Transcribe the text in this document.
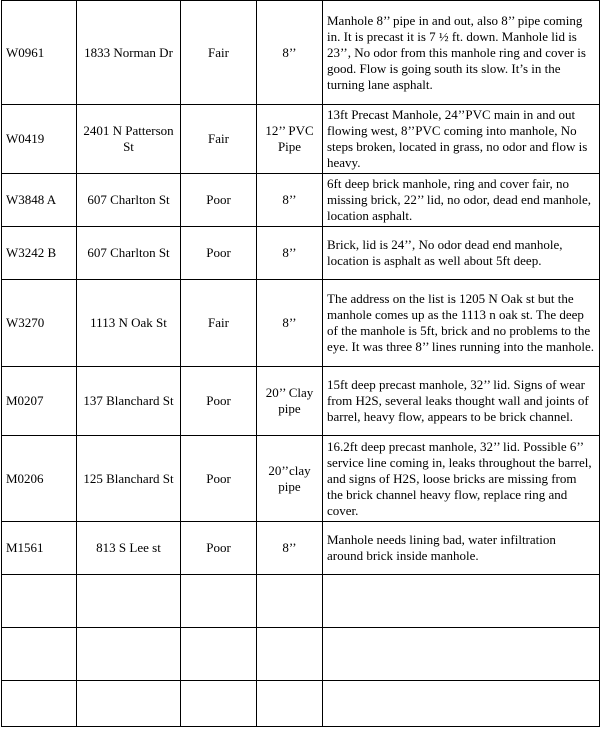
W0961	1833 Norman Dr	Fair	8’’	Manhole 8’’ pipe in and out, also 8’’ pipe coming in. It is precast it is 7 ½ ft. down. Manhole lid is 23’’, No odor from this manhole ring and cover is good. Flow is going south its slow. It’s in the turning lane asphalt.
W0419	2401 N Patterson St	Fair	12’’ PVC Pipe	13ft Precast Manhole, 24’’PVC main in and out flowing west, 8’’PVC coming into manhole, No steps broken, located in grass, no odor and flow is heavy.
W3848 A	607 Charlton St	Poor	8’’	6ft deep brick manhole, ring and cover fair, no missing brick, 22’’ lid, no odor, dead end manhole, location asphalt.
W3242 B	607 Charlton St	Poor	8’’	Brick, lid is 24’’, No odor dead end manhole, location is asphalt as well about 5ft deep.
W3270	1113 N Oak St	Fair	8’’	The address on the list is 1205 N Oak st but the manhole comes up as the 1113 n oak st. The deep of the manhole is 5ft, brick and no problems to the eye. It was three 8’’ lines running into the manhole.
M0207	137 Blanchard St	Poor	20’’ Clay pipe	15ft deep precast manhole, 32’’ lid. Signs of wear from H2S, several leaks thought wall and joints of barrel, heavy flow, appears to be brick channel.
M0206	125 Blanchard St	Poor	20’’clay pipe	16.2ft deep precast manhole, 32’’ lid. Possible 6’’ service line coming in, leaks throughout the barrel, and signs of H2S, loose bricks are missing from the brick channel heavy flow, replace ring and cover.
M1561	813 S Lee st	Poor	8’’	Manhole needs lining bad, water infiltration around brick inside manhole.
